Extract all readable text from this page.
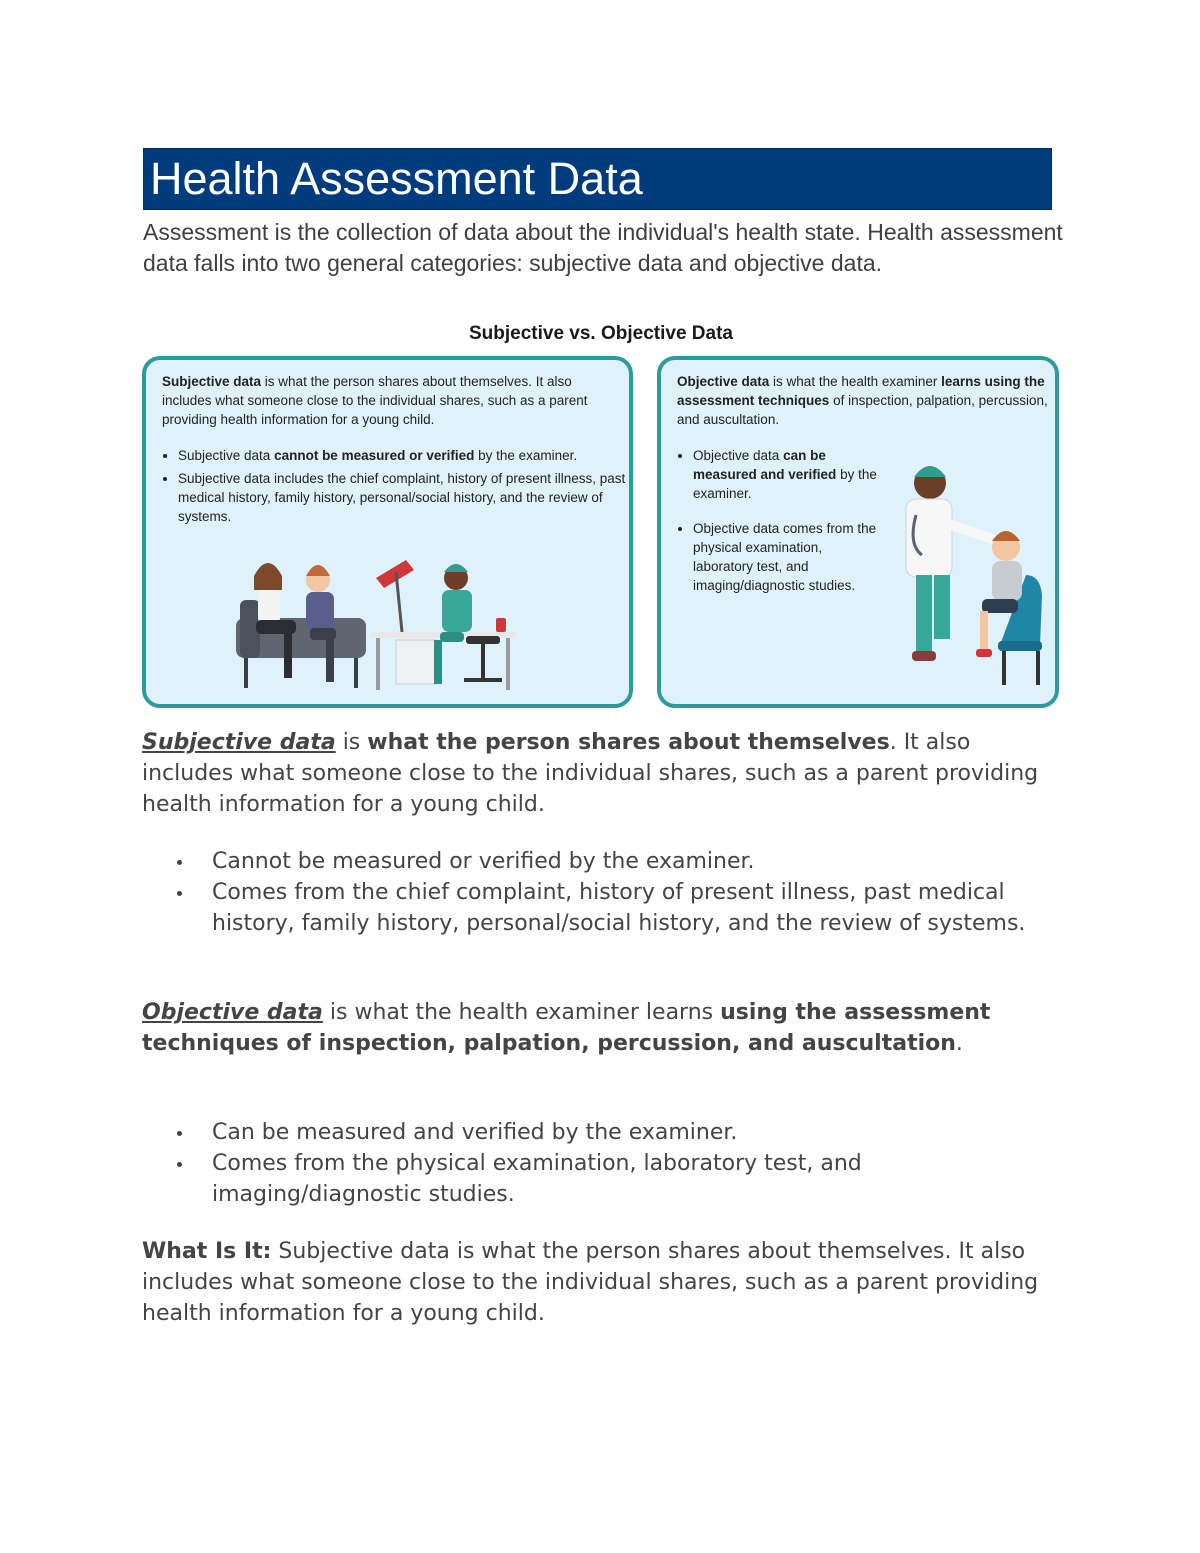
Health Assessment Data

Assessment is the collection of data about the individual's health state. Health assessment data falls into two general categories: subjective data and objective data.

Subjective vs. Objective Data

Subjective data is what the person shares about themselves. It also includes what someone close to the individual shares, such as a parent providing health information for a young child.

• Subjective data cannot be measured or verified by the examiner.
• Subjective data includes the chief complaint, history of present illness, past medical history, family history, personal/social history, and the review of systems.

Objective data is what the health examiner learns using the assessment techniques of inspection, palpation, percussion, and auscultation.

• Objective data can be measured and verified by the examiner.
• Objective data comes from the physical examination, laboratory test, and imaging/diagnostic studies.

Subjective data is what the person shares about themselves. It also includes what someone close to the individual shares, such as a parent providing health information for a young child.

Cannot be measured or verified by the examiner.
Comes from the chief complaint, history of present illness, past medical history, family history, personal/social history, and the review of systems.

Objective data is what the health examiner learns using the assessment techniques of inspection, palpation, percussion, and auscultation.

Can be measured and verified by the examiner.
Comes from the physical examination, laboratory test, and imaging/diagnostic studies.

What Is It: Subjective data is what the person shares about themselves. It also includes what someone close to the individual shares, such as a parent providing health information for a young child.
